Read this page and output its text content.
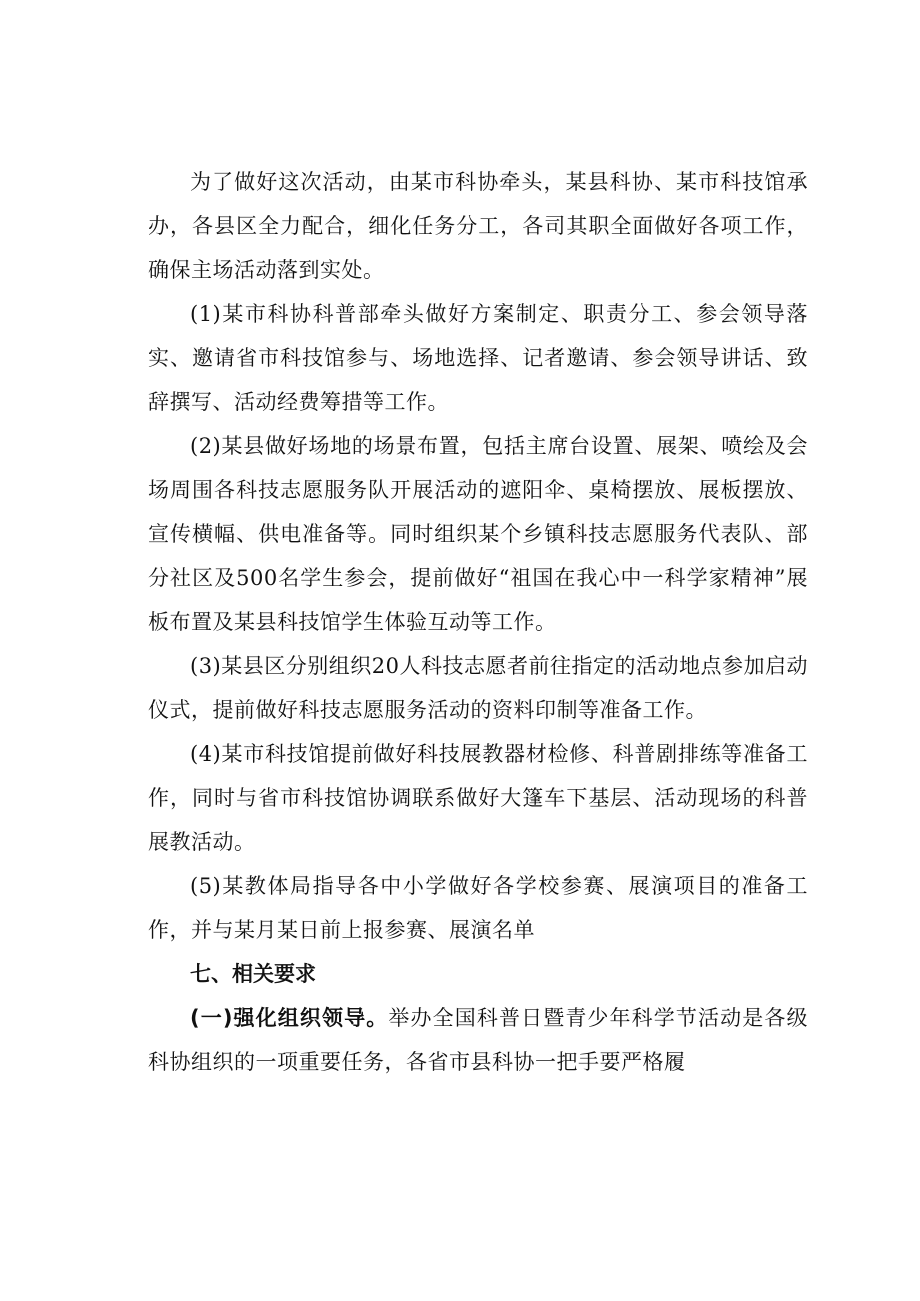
为了做好这次活动，由某市科协牵头，某县科协、某市科技馆承办，各县区全力配合，细化任务分工，各司其职全面做好各项工作，确保主场活动落到实处。

(1)某市科协科普部牵头做好方案制定、职责分工、参会领导落实、邀请省市科技馆参与、场地选择、记者邀请、参会领导讲话、致辞撰写、活动经费筹措等工作。

(2)某县做好场地的场景布置，包括主席台设置、展架、喷绘及会场周围各科技志愿服务队开展活动的遮阳伞、桌椅摆放、展板摆放、宣传横幅、供电准备等。同时组织某个乡镇科技志愿服务代表队、部分社区及500名学生参会，提前做好“祖国在我心中一科学家精神”展板布置及某县科技馆学生体验互动等工作。

(3)某县区分别组织20人科技志愿者前往指定的活动地点参加启动仪式，提前做好科技志愿服务活动的资料印制等准备工作。

(4)某市科技馆提前做好科技展教器材检修、科普剧排练等准备工作，同时与省市科技馆协调联系做好大篷车下基层、活动现场的科普展教活动。

(5)某教体局指导各中小学做好各学校参赛、展演项目的准备工作，并与某月某日前上报参赛、展演名单

七、相关要求

(一)强化组织领导。举办全国科普日暨青少年科学节活动是各级科协组织的一项重要任务，各省市县科协一把手要严格履
